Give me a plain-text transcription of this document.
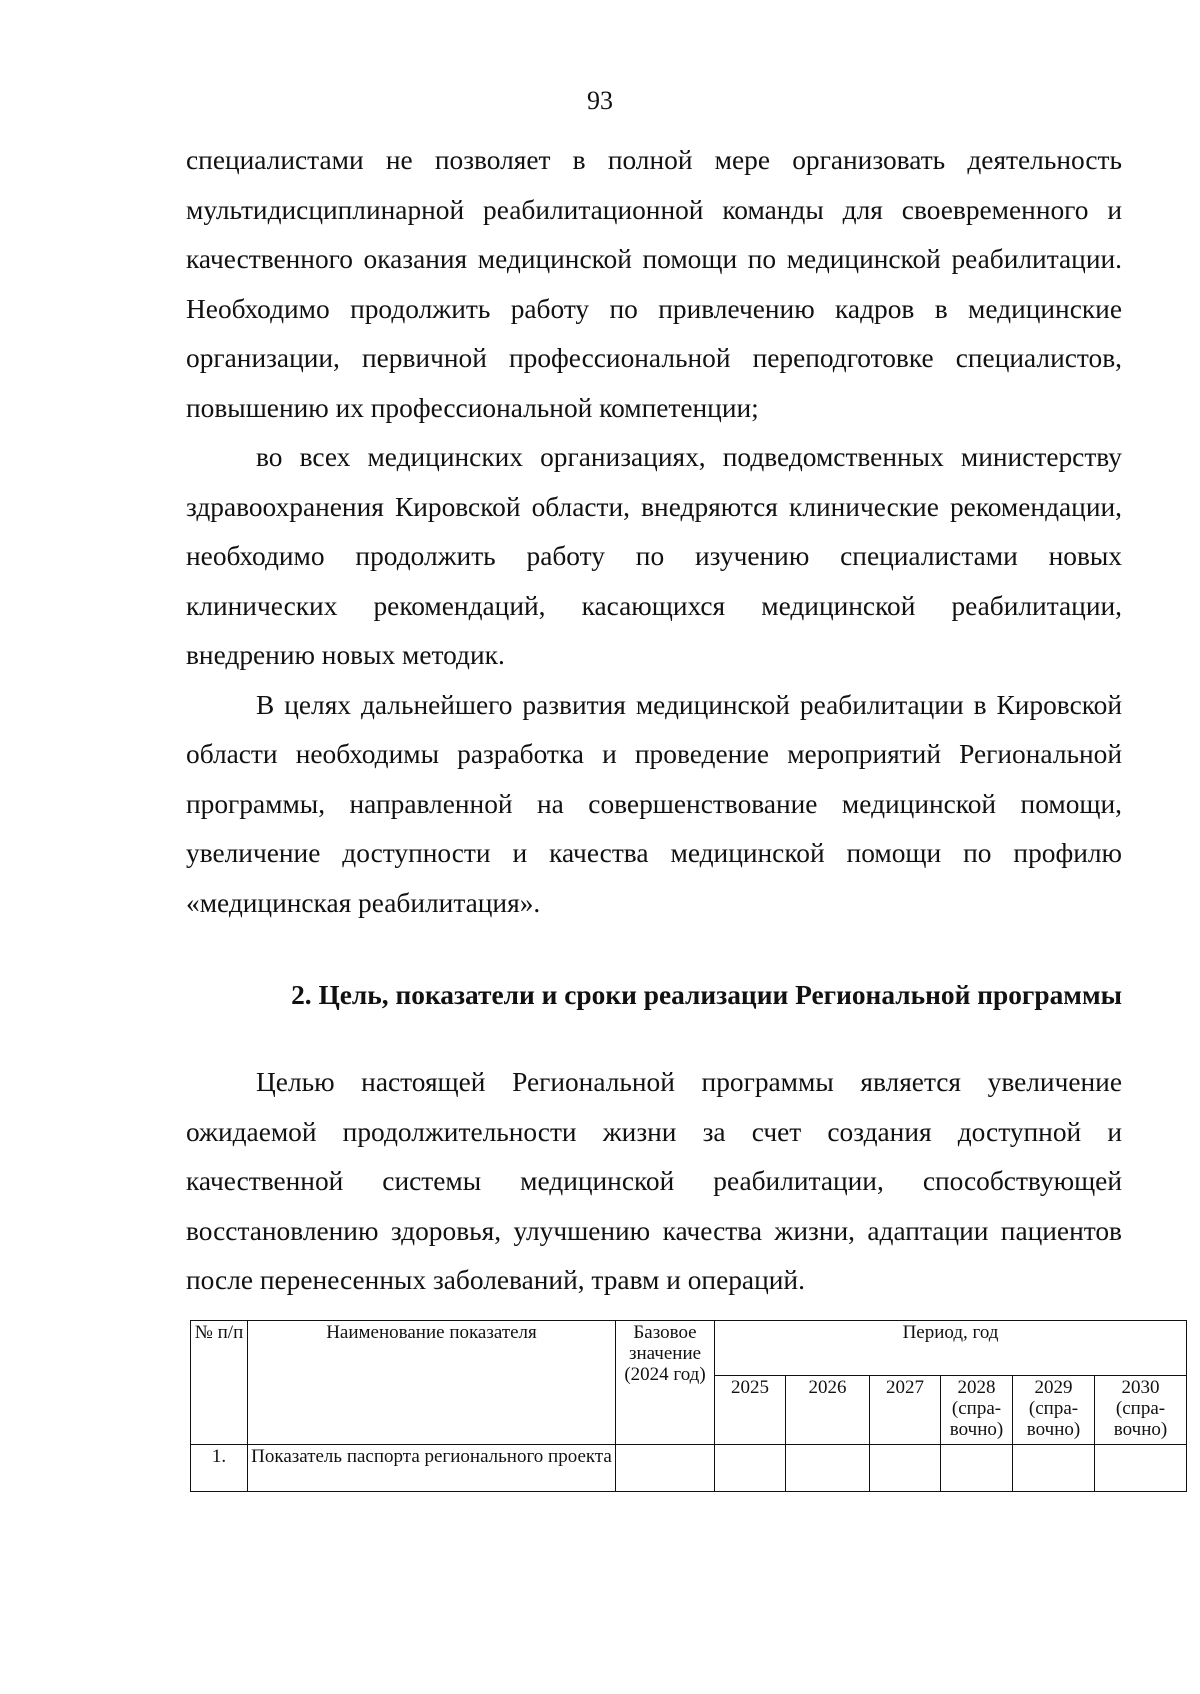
93

специалистами не позволяет в полной мере организовать деятельность мультидисциплинарной реабилитационной команды для своевременного и качественного оказания медицинской помощи по медицинской реабилитации. Необходимо продолжить работу по привлечению кадров в медицинские организации, первичной профессиональной переподготовке специалистов, повышению их профессиональной компетенции;

во всех медицинских организациях, подведомственных министерству здравоохранения Кировской области, внедряются клинические рекомендации, необходимо продолжить работу по изучению специалистами новых клинических рекомендаций, касающихся медицинской реабилитации, внедрению новых методик.

В целях дальнейшего развития медицинской реабилитации в Кировской области необходимы разработка и проведение мероприятий Региональной программы, направленной на совершенствование медицинской помощи, увеличение доступности и качества медицинской помощи по профилю «медицинская реабилитация».

2. Цель, показатели и сроки реализации Региональной программы

Целью настоящей Региональной программы является увеличение ожидаемой продолжительности жизни за счет создания доступной и качественной системы медицинской реабилитации, способствующей восстановлению здоровья, улучшению качества жизни, адаптации пациентов после перенесенных заболеваний, травм и операций.

№ п/п	Наименование показателя	Базовое значение (2024 год)	Период, год					
			2025	2026	2027	2028 (спра-вочно)	2029 (спра-вочно)	2030 (спра-вочно)
1.	Показатель паспорта регионального проекта							
